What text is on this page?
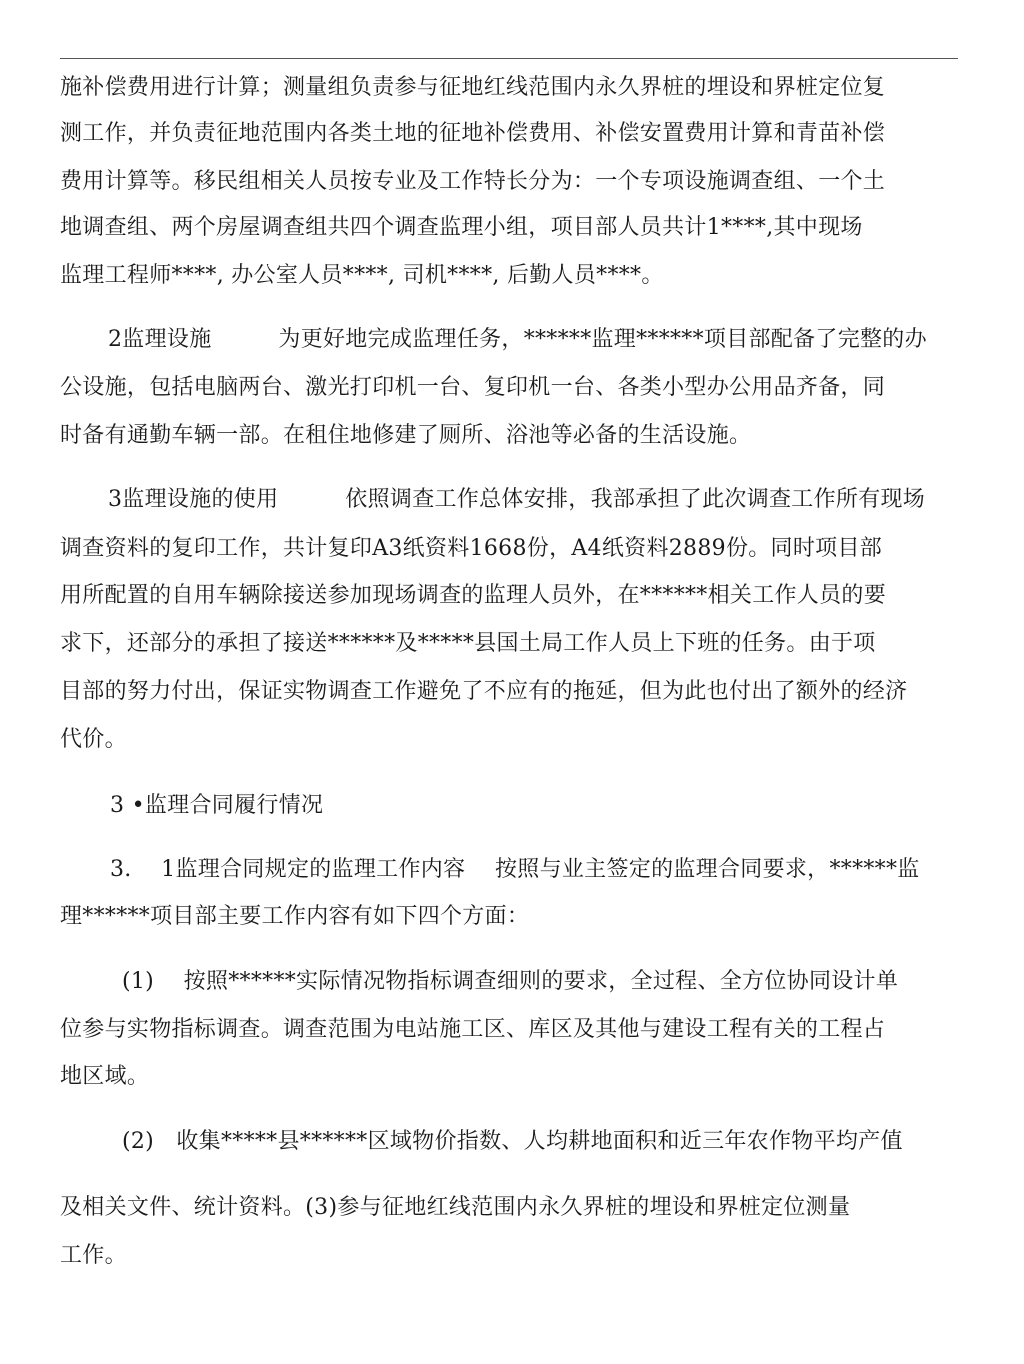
施补偿费用进行计算；测量组负责参与征地红线范围内永久界桩的埋设和界桩定位复
测工作，并负责征地范围内各类土地的征地补偿费用、补偿安置费用计算和青苗补偿
费用计算等。移民组相关人员按专业及工作特长分为：一个专项设施调查组、一个土
地调查组、两个房屋调查组共四个调查监理小组，项目部人员共计1****,其中现场
监理工程师****, 办公室人员****, 司机****, 后勤人员****。
2监理设施　　　为更好地完成监理任务，******监理******项目部配备了完整的办
公设施，包括电脑两台、激光打印机一台、复印机一台、各类小型办公用品齐备，同
时备有通勤车辆一部。在租住地修建了厕所、浴池等必备的生活设施。
3监理设施的使用　　　依照调查工作总体安排，我部承担了此次调查工作所有现场
调查资料的复印工作，共计复印A3纸资料1668份，A4纸资料2889份。同时项目部
用所配置的自用车辆除接送参加现场调查的监理人员外，在******相关工作人员的要
求下，还部分的承担了接送******及*****县国土局工作人员上下班的任务。由于项
目部的努力付出，保证实物调查工作避免了不应有的拖延，但为此也付出了额外的经济
代价。
3 •监理合同履行情况
3.　 1监理合同规定的监理工作内容　 按照与业主签定的监理合同要求，******监
理******项目部主要工作内容有如下四个方面：
(1)　 按照******实际情况物指标调查细则的要求，全过程、全方位协同设计单
位参与实物指标调查。调查范围为电站施工区、库区及其他与建设工程有关的工程占
地区域。
(2)　收集*****县******区域物价指数、人均耕地面积和近三年农作物平均产值
及相关文件、统计资料。(3)参与征地红线范围内永久界桩的埋设和界桩定位测量
工作。
